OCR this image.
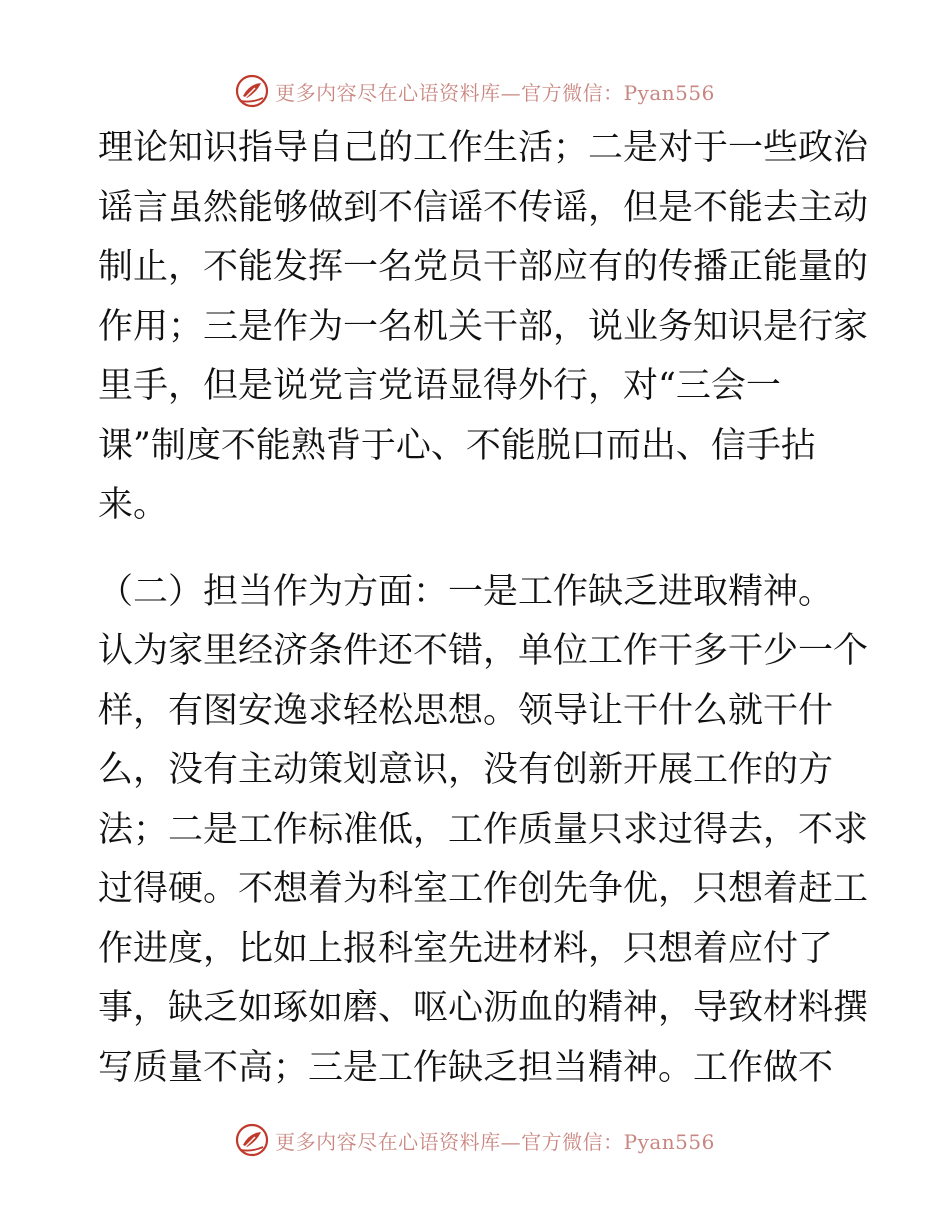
更多内容尽在心语资料库—官方微信：Pyan556
理论知识指导自己的工作生活；二是对于一些政治
谣言虽然能够做到不信谣不传谣，但是不能去主动
制止，不能发挥一名党员干部应有的传播正能量的
作用；三是作为一名机关干部，说业务知识是行家
里手，但是说党言党语显得外行，对“三会一
课”制度不能熟背于心、不能脱口而出、信手拈
来。
（二）担当作为方面：一是工作缺乏进取精神。
认为家里经济条件还不错，单位工作干多干少一个
样，有图安逸求轻松思想。领导让干什么就干什
么，没有主动策划意识，没有创新开展工作的方
法；二是工作标准低，工作质量只求过得去，不求
过得硬。不想着为科室工作创先争优，只想着赶工
作进度，比如上报科室先进材料，只想着应付了
事，缺乏如琢如磨、呕心沥血的精神，导致材料撰
写质量不高；三是工作缺乏担当精神。工作做不
更多内容尽在心语资料库—官方微信：Pyan556
